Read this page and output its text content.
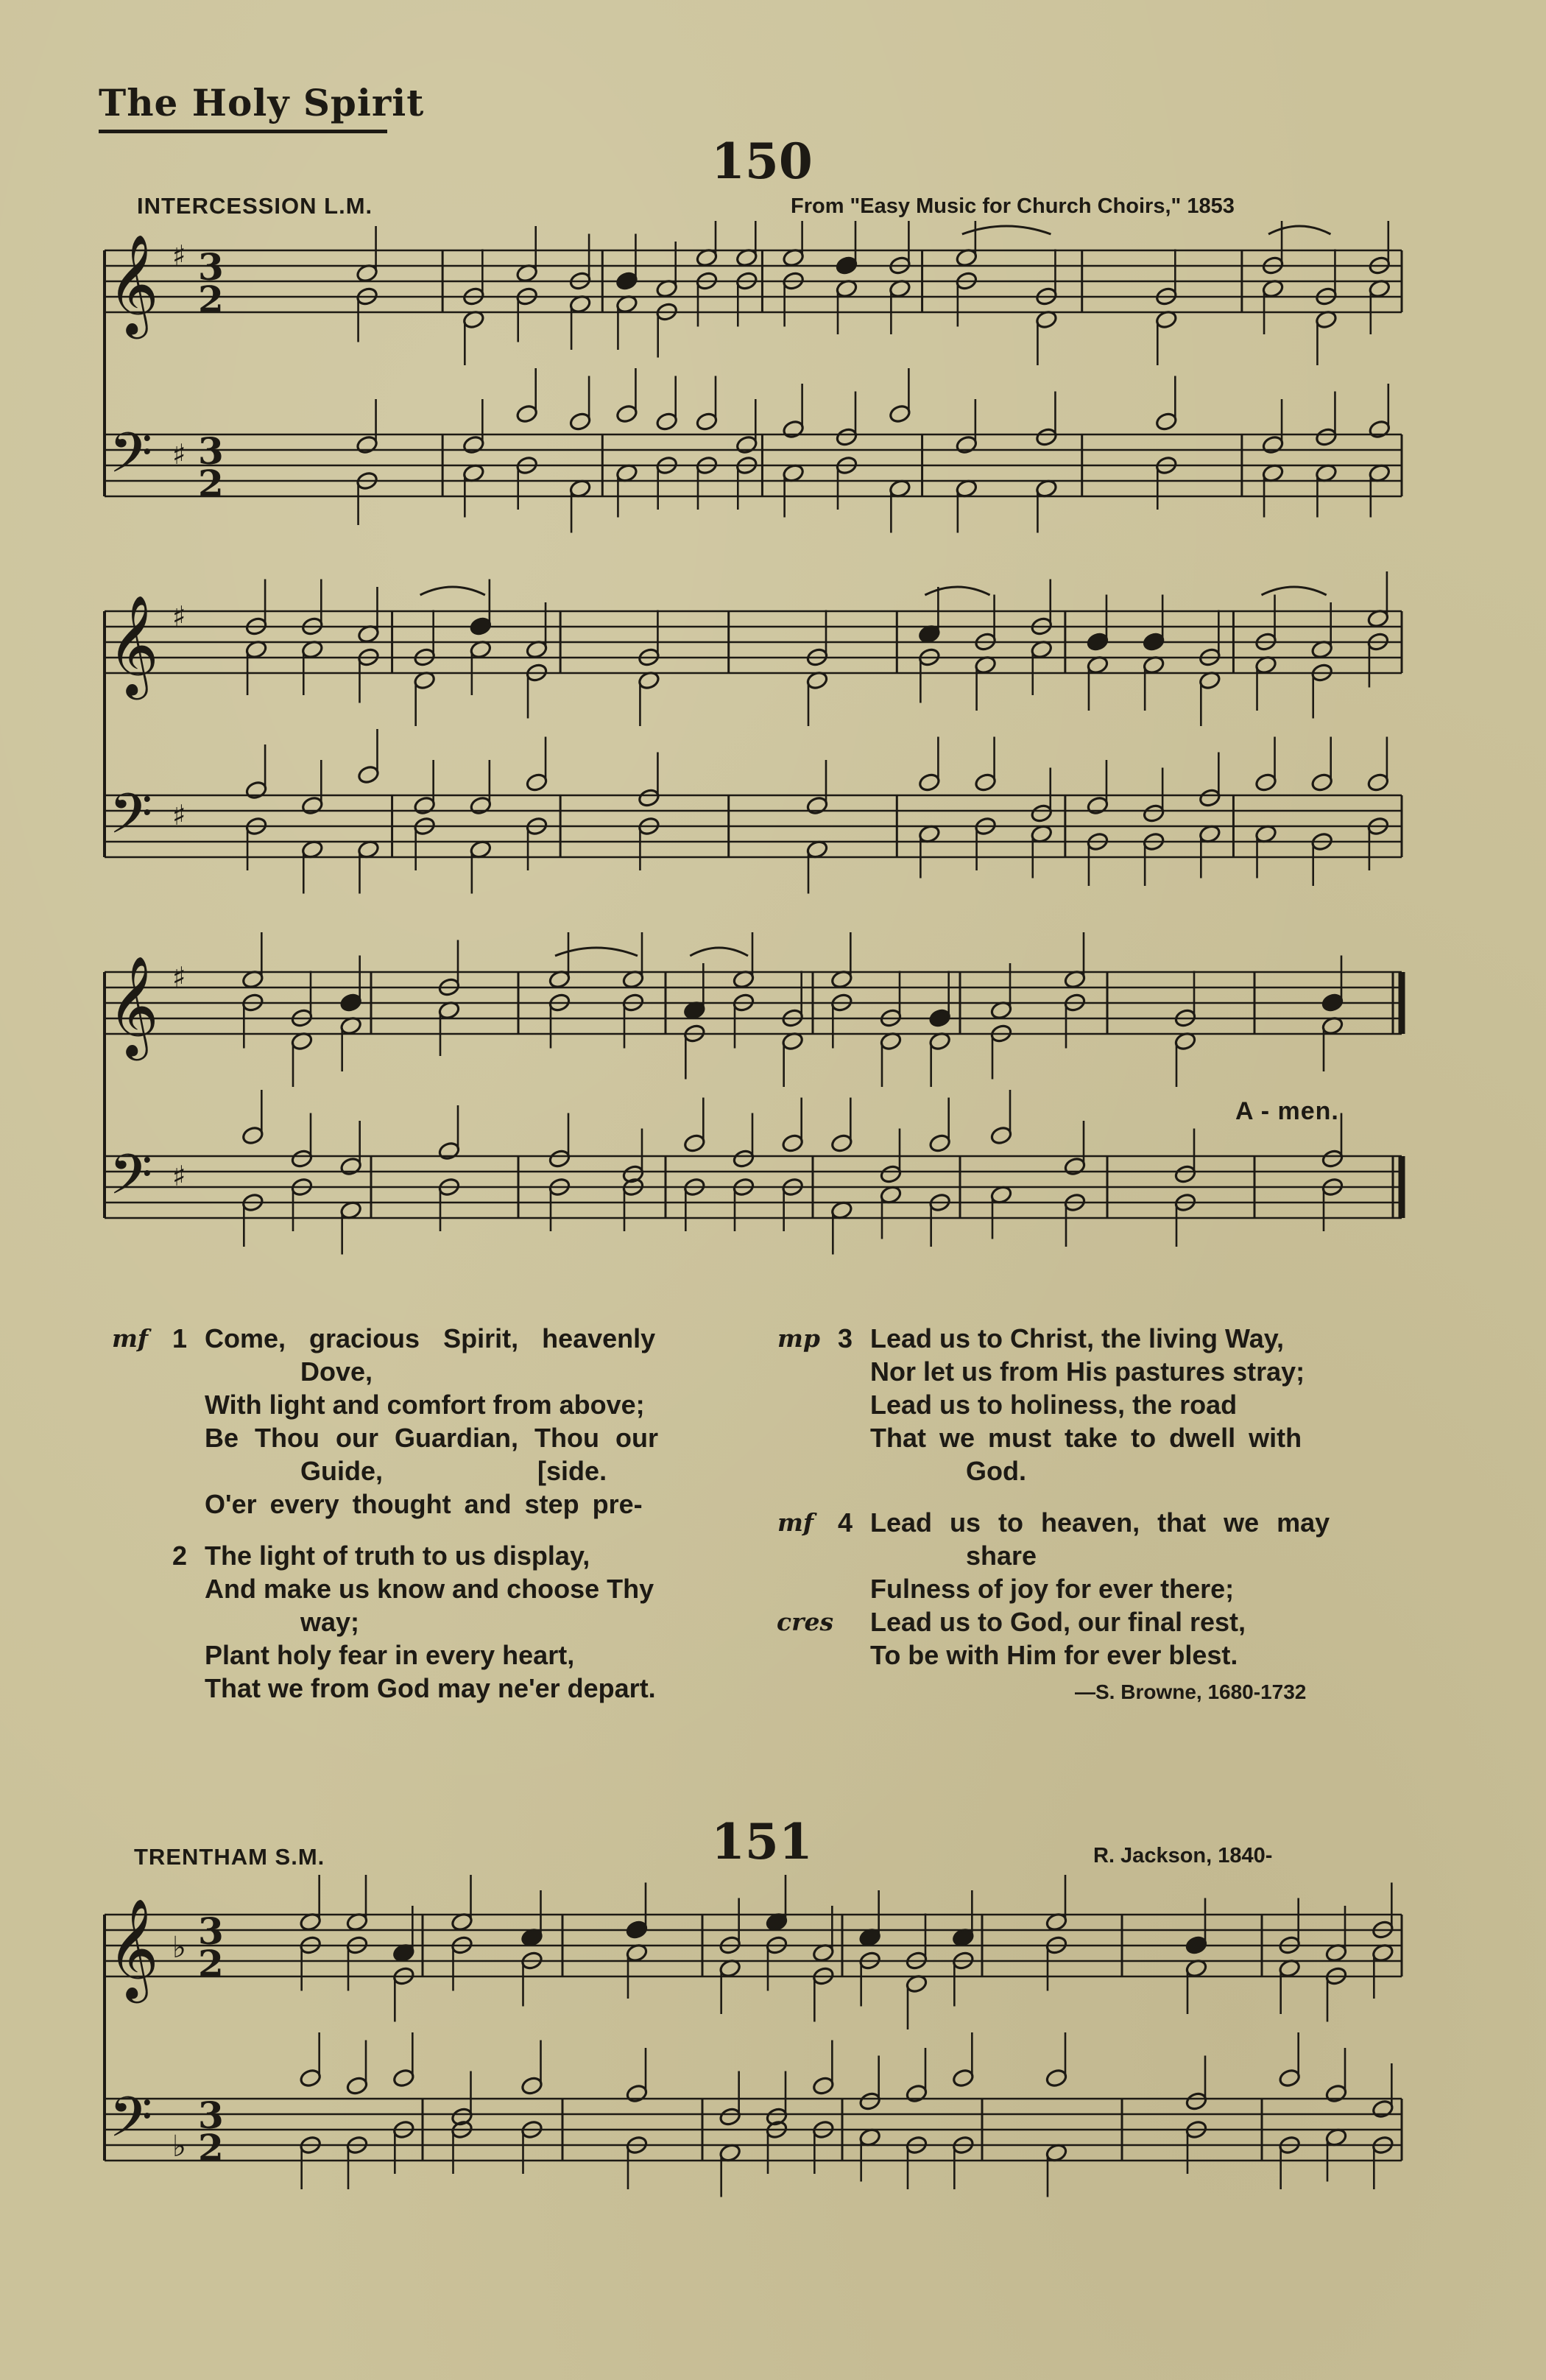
The Holy Spirit
150
INTERCESSION L.M.	From "Easy Music for Church Choirs," 1853
𝄞
𝄢
♯
♯
3
2
3
2
𝄞
𝄢
♯
♯
𝄞
𝄢
♯
♯
A - men.
mf 1 Come, gracious Spirit, heavenly
Dove,
With light and comfort from above;
Be Thou our Guardian, Thou our
Guide,                     [side.
O'er every thought and step pre-
2 The light of truth to us display,
And make us know and choose Thy
way;
Plant holy fear in every heart,
That we from God may ne'er depart.
mp 3 Lead us to Christ, the living Way,
Nor let us from His pastures stray;
Lead us to holiness, the road
That we must take to dwell with
God.
mf 4 Lead us to heaven, that we may
share
Fulness of joy for ever there;
Lead us to God, our final rest,
To be with Him for ever blest.
cres
—S. Browne, 1680-1732
151
TRENTHAM S.M.	R. Jackson, 1840-
𝄞
𝄢
♭
♭
3
2
3
2
